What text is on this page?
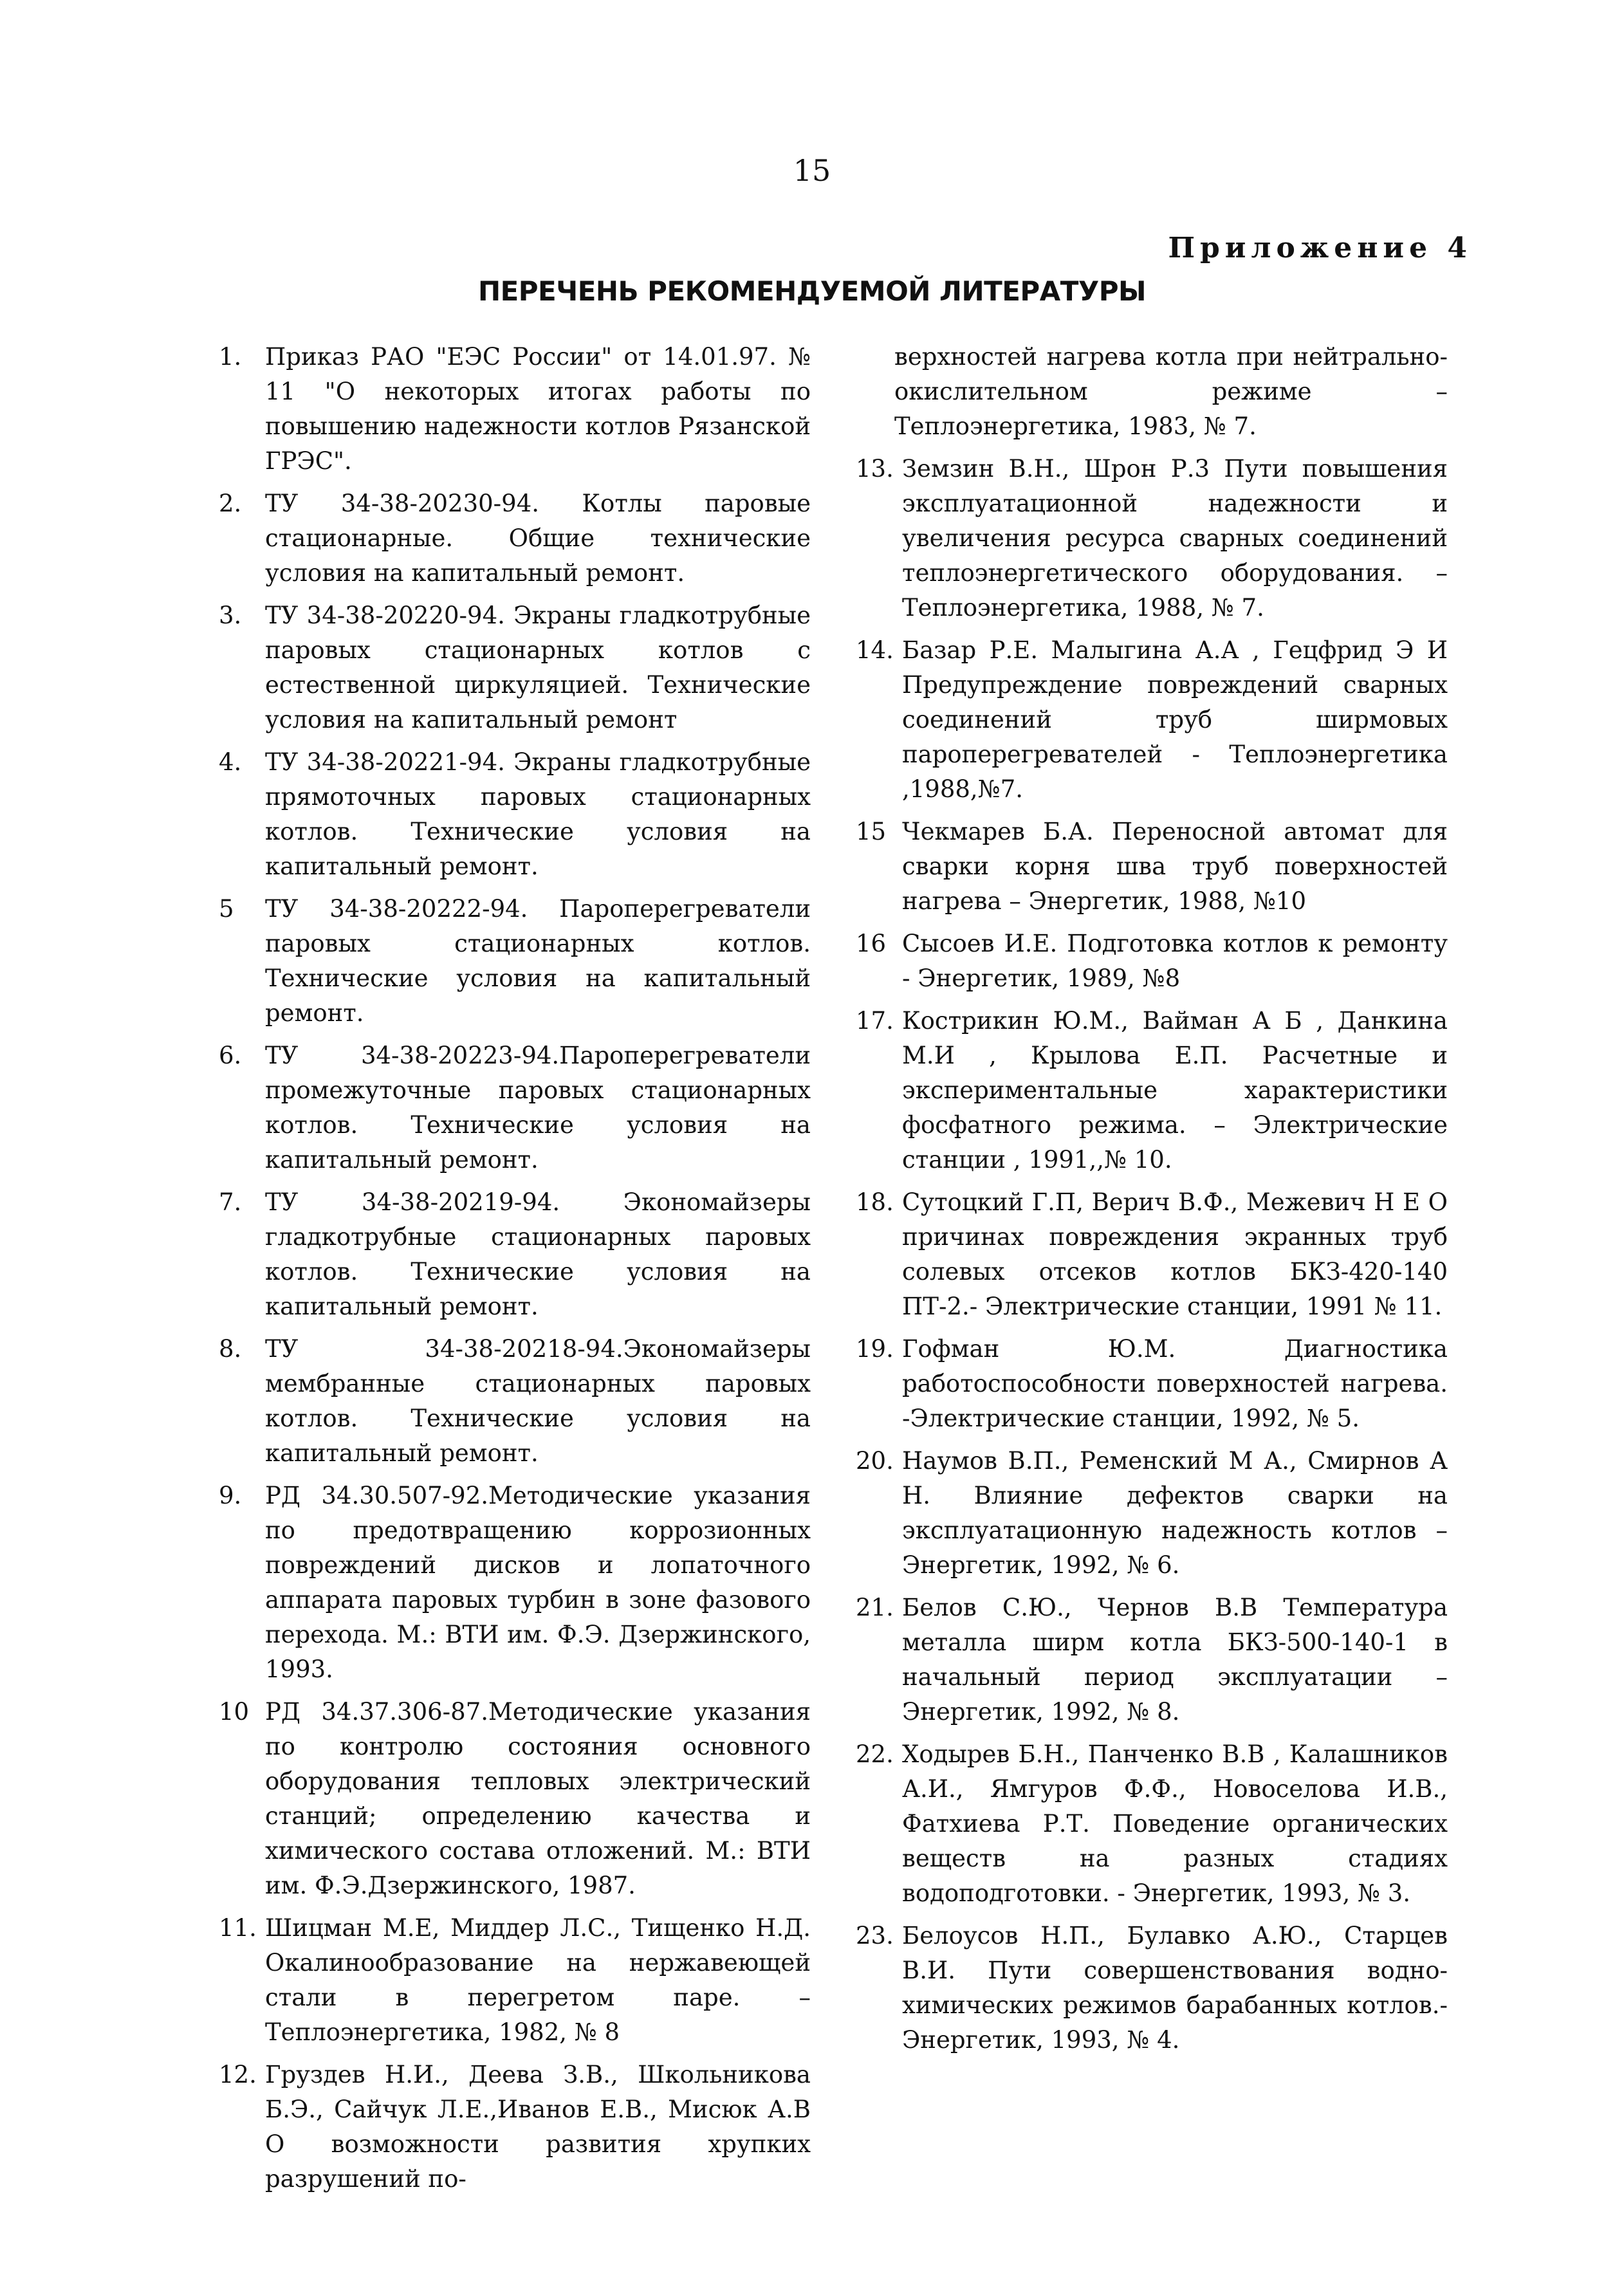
15
Приложение 4
ПЕРЕЧЕНЬ РЕКОМЕНДУЕМОЙ ЛИТЕРАТУРЫ
1. Приказ РАО "ЕЭС России" от 14.01.97. № 11 "О некоторых итогах работы по повышению надежности котлов Рязанской ГРЭС".
2. ТУ 34-38-20230-94. Котлы паровые стационарные. Общие технические условия на капитальный ремонт.
3. ТУ 34-38-20220-94. Экраны гладкотрубные паровых стационарных котлов с естественной циркуляцией. Технические условия на капитальный ремонт
4. ТУ 34-38-20221-94. Экраны гладкотрубные прямоточных паровых стационарных котлов. Технические условия на капитальный ремонт.
5 ТУ 34-38-20222-94. Пароперегреватели паровых стационарных котлов. Технические условия на капитальный ремонт.
6. ТУ 34-38-20223-94.Пароперегреватели промежуточные паровых стационарных котлов. Технические условия на капитальный ремонт.
7. ТУ 34-38-20219-94. Экономайзеры гладкотрубные стационарных паровых котлов. Технические условия на капитальный ремонт.
8. ТУ 34-38-20218-94.Экономайзеры мембранные стационарных паровых котлов. Технические условия на капитальный ремонт.
9. РД 34.30.507-92.Методические указания по предотвращению коррозионных повреждений дисков и лопаточного аппарата паровых турбин в зоне фазового перехода. М.: ВТИ им. Ф.Э. Дзержинского, 1993.
10 РД 34.37.306-87.Методические указания по контролю состояния основного оборудования тепловых электрический станций; определению качества и химического состава отложений. М.: ВТИ им. Ф.Э.Дзержинского, 1987.
11. Шицман М.Е, Миддер Л.С., Тищенко Н.Д. Окалинообразование на нержавеющей стали в перегретом паре. – Теплоэнергетика, 1982, № 8
12. Груздев Н.И., Деева З.В., Школьникова Б.Э., Сайчук Л.Е.,Иванов Е.В., Мисюк А.В О возможности развития хрупких разрушений по-
верхностей нагрева котла при нейтрально-окислительном режиме – Теплоэнергетика, 1983, № 7.
13. Земзин В.Н., Шрон Р.3 Пути повышения эксплуатационной надежности и увеличения ресурса сварных соединений теплоэнергетического оборудования. – Теплоэнергетика, 1988, № 7.
14. Базар Р.Е. Малыгина А.А , Гецфрид Э И Предупреждение повреждений сварных соединений труб ширмовых пароперегревателей - Теплоэнергетика ,1988,№7.
15 Чекмарев Б.А. Переносной автомат для сварки корня шва труб поверхностей нагрева – Энергетик, 1988, №10
16 Сысоев И.Е. Подготовка котлов к ремонту - Энергетик, 1989, №8
17. Кострикин Ю.М., Вайман А Б , Данкина М.И , Крылова Е.П. Расчетные и экспериментальные характеристики фосфатного режима. – Электрические станции , 1991,,№ 10.
18. Сутоцкий Г.П, Верич В.Ф., Межевич Н Е О причинах повреждения экранных труб солевых отсеков котлов БКЗ-420-140 ПТ-2.- Электрические станции, 1991 № 11.
19. Гофман Ю.М. Диагностика работоспособности поверхностей нагрева. -Электрические станции, 1992, № 5.
20. Наумов В.П., Ременский М А., Смирнов А Н. Влияние дефектов сварки на эксплуатационную надежность котлов – Энергетик, 1992, № 6.
21. Белов С.Ю., Чернов В.В Температура металла ширм котла БКЗ-500-140-1 в начальный период эксплуатации – Энергетик, 1992, № 8.
22. Ходырев Б.Н., Панченко В.В , Калашников А.И., Ямгуров Ф.Ф., Новоселова И.В., Фатхиева Р.Т. Поведение органических веществ на разных стадиях водоподготовки. - Энергетик, 1993, № 3.
23. Белоусов Н.П., Булавко А.Ю., Старцев В.И. Пути совершенствования водно-химических режимов барабанных котлов.-Энергетик, 1993, № 4.
